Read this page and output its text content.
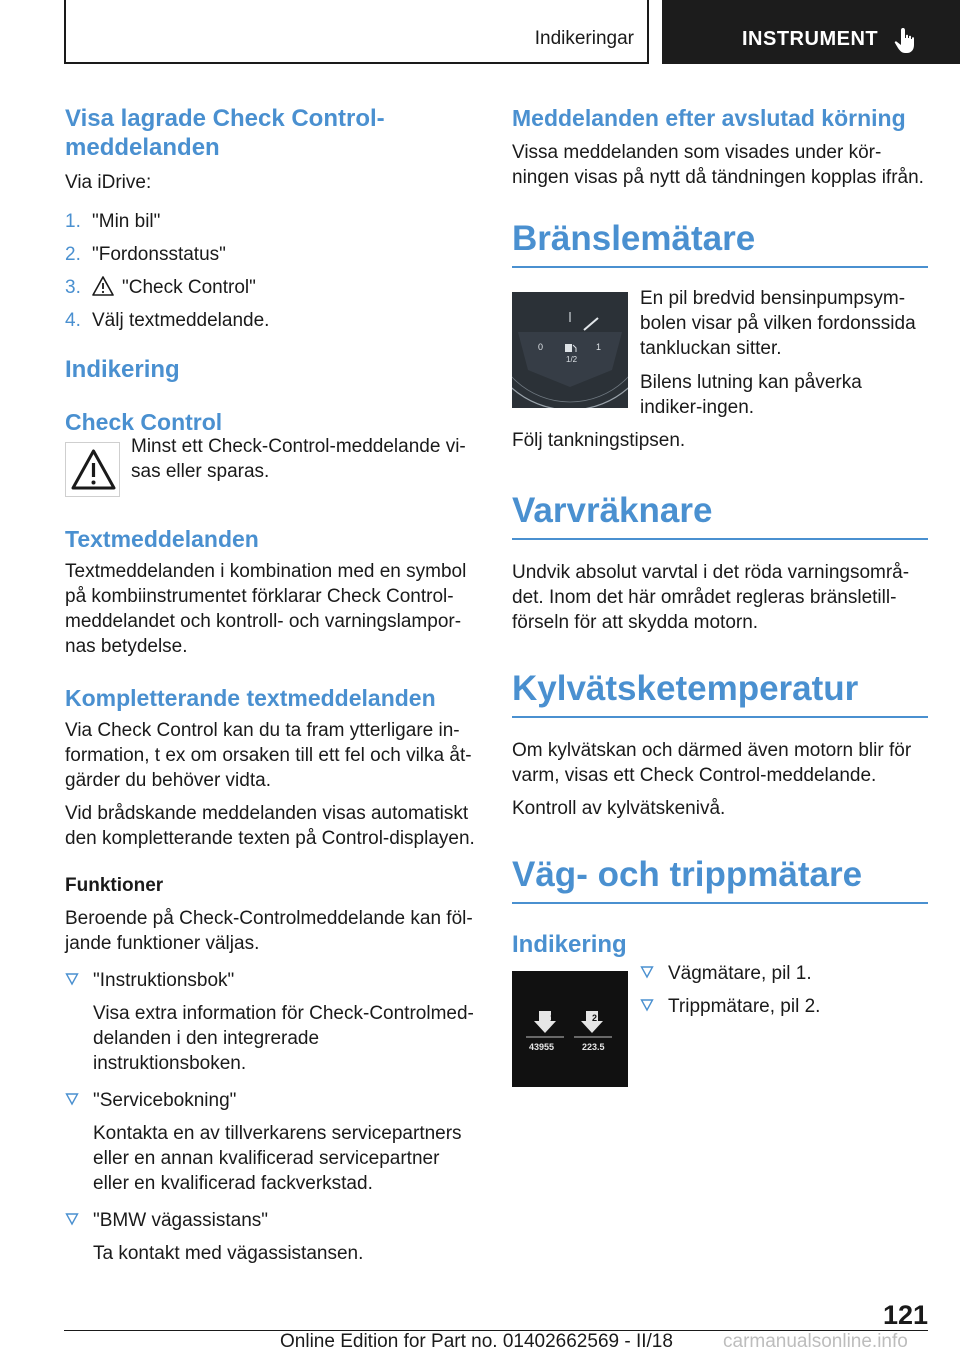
Indikeringar	INSTRUMENT
Visa lagrade Check Control-meddelanden
Via iDrive:
1. "Min bil"
2. "Fordonsstatus"
3. "Check Control"
4. Välj textmeddelande.
Indikering
Check Control
Minst ett Check-Control-meddelande vi-sas eller sparas.
Textmeddelanden
Textmeddelanden i kombination med en symbol på kombiinstrumentet förklarar Check Control-meddelandet och kontroll- och varningslampor-nas betydelse.
Kompletterande textmeddelanden
Via Check Control kan du ta fram ytterligare in-formation, t ex om orsaken till ett fel och vilka åt-gärder du behöver vidta.
Vid brådskande meddelanden visas automatiskt den kompletterande texten på Control-displayen.
Funktioner
Beroende på Check-Controlmeddelande kan föl-jande funktioner väljas.
"Instruktionsbok"
Visa extra information för Check-Controlmed-delanden i den integrerade instruktionsboken.
"Servicebokning"
Kontakta en av tillverkarens servicepartners eller en annan kvalificerad servicepartner eller en kvalificerad fackverkstad.
"BMW vägassistans"
Ta kontakt med vägassistansen.
Meddelanden efter avslutad körning
Vissa meddelanden som visades under kör-ningen visas på nytt då tändningen kopplas ifrån.
Bränslemätare
0	1
1/2
En pil bredvid bensinpumpsym-bolen visar på vilken fordonssida tankluckan sitter.
Bilens lutning kan påverka indiker-ingen.
Följ tankningstipsen.
Varvräknare
Undvik absolut varvtal i det röda varningsområ-det. Inom det här området regleras bränsletill-förseln för att skydda motorn.
Kylvätsketemperatur
Om kylvätskan och därmed även motorn blir för varm, visas ett Check Control-meddelande.
Kontroll av kylvätskenivå.
Väg- och trippmätare
Indikering
1	2
43955	223.5
Vägmätare, pil 1.
Trippmätare, pil 2.
121
Online Edition for Part no. 01402662569 - II/18	carmanualsonline.info
